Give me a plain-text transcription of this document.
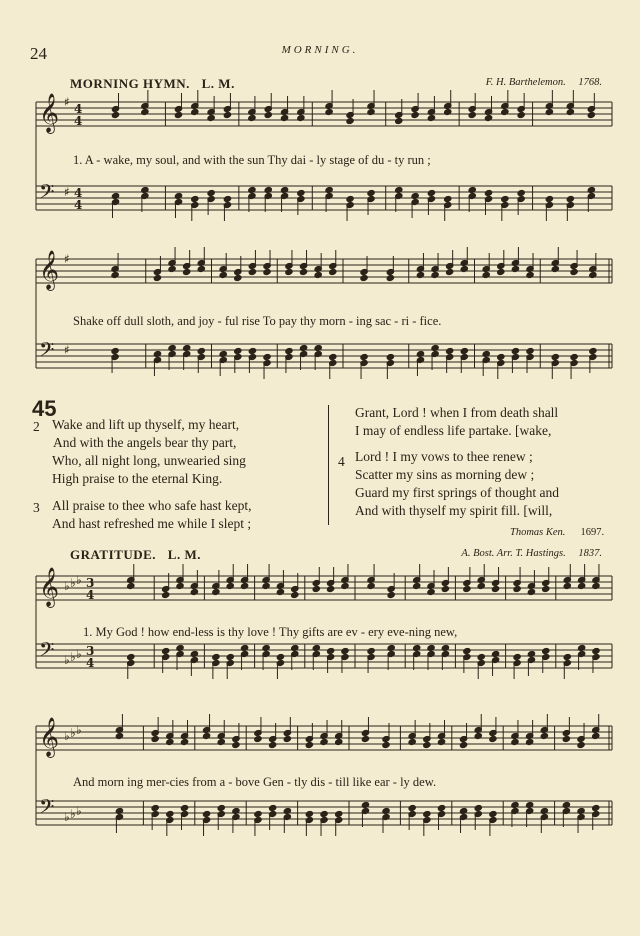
24	MORNING.
MORNING HYMN. L. M.	F. H. Barthelemon. 1768.
𝄞
𝄢
♯
♯
4
4
4
4
1. A - wake, my soul, and with the sun Thy dai - ly stage of du - ty run ;
𝄞
𝄢
♯
♯
Shake off dull sloth, and joy - ful rise To pay thy morn - ing sac - ri - fice.
45
2 Wake and lift up thyself, my heart,
And with the angels bear thy part,
Who, all night long, unwearied sing
High praise to the eternal King.
3 All praise to thee who safe hast kept,
And hast refreshed me while I slept ;
Grant, Lord ! when I from death shall
I may of endless life partake. [wake,
4 Lord ! I my vows to thee renew ;
Scatter my sins as morning dew ;
Guard my first springs of thought and
And with thyself my spirit fill. [will,
Thomas Ken. 1697.
GRATITUDE. L. M.	A. Bost. Arr. T. Hastings. 1837.
𝄞
𝄢
♭
♭
♭
♭
♭
♭
3
4
3
4
1. My God ! how end-less is thy love ! Thy gifts are ev - ery eve-ning new,
𝄞
𝄢
♭
♭
♭
♭
♭
♭
And morn ing mer-cies from a - bove Gen - tly dis - till like ear - ly dew.
